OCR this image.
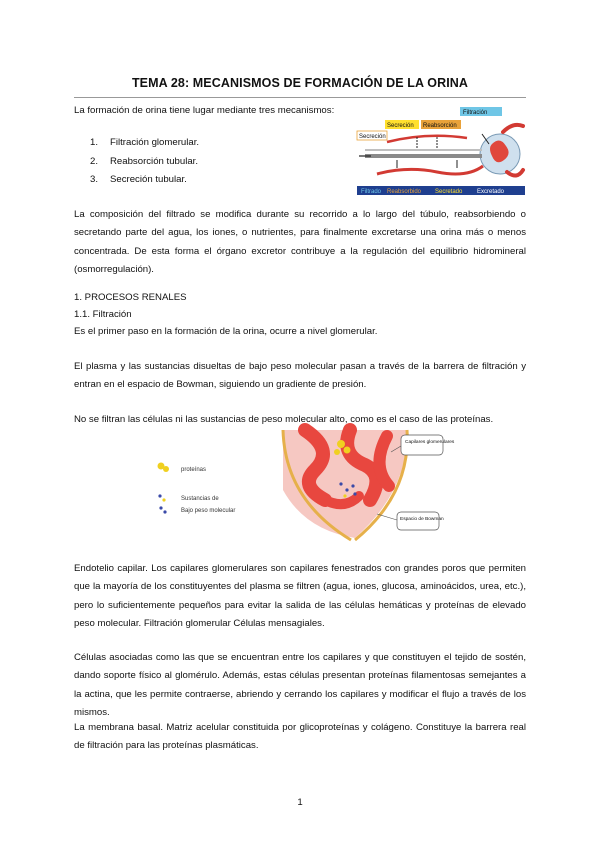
TEMA 28: MECANISMOS DE FORMACIÓN DE LA ORINA
La formación de orina tiene lugar mediante tres mecanismos:
1. Filtración glomerular.
2. Reabsorción tubular.
3. Secreción tubular.
Filtración
Secreción Reabsorción
Secreción
Filtrado Reabsorbido Secretado Excretado
La composición del filtrado se modifica durante su recorrido a lo largo del túbulo, reabsorbiendo o secretando parte del agua, los iones, o nutrientes, para finalmente excretarse una orina más o menos concentrada. De esta forma el órgano excretor contribuye a la regulación del equilibrio hidromineral (osmorregulación).
1. PROCESOS RENALES
1.1. Filtración
Es el primer paso en la formación de la orina, ocurre a nivel glomerular.
El plasma y las sustancias disueltas de bajo peso molecular pasan a través de la barrera de filtración y entran en el espacio de Bowman, siguiendo un gradiente de presión.
No se filtran las células ni las sustancias de peso molecular alto, como es el caso de las proteínas.
proteínas
Sustancias de
Bajo peso molecular
Capilares glomerulares
Espacio de Bowman
Endotelio capilar. Los capilares glomerulares son capilares fenestrados con grandes poros que permiten que la mayoría de los constituyentes del plasma se filtren (agua, iones, glucosa, aminoácidos, urea, etc.), pero lo suficientemente pequeños para evitar la salida de las células hemáticas y proteínas de elevado peso molecular. Filtración glomerular Células mensagiales.
Células asociadas como las que se encuentran entre los capilares y que constituyen el tejido de sostén, dando soporte físico al glomérulo. Además, estas células presentan proteínas filamentosas semejantes a la actina, que les permite contraerse, abriendo y cerrando los capilares y modificar el flujo a través de los mismos.
La membrana basal. Matriz acelular constituida por glicoproteínas y colágeno. Constituye la barrera real de filtración para las proteínas plasmáticas.
1
